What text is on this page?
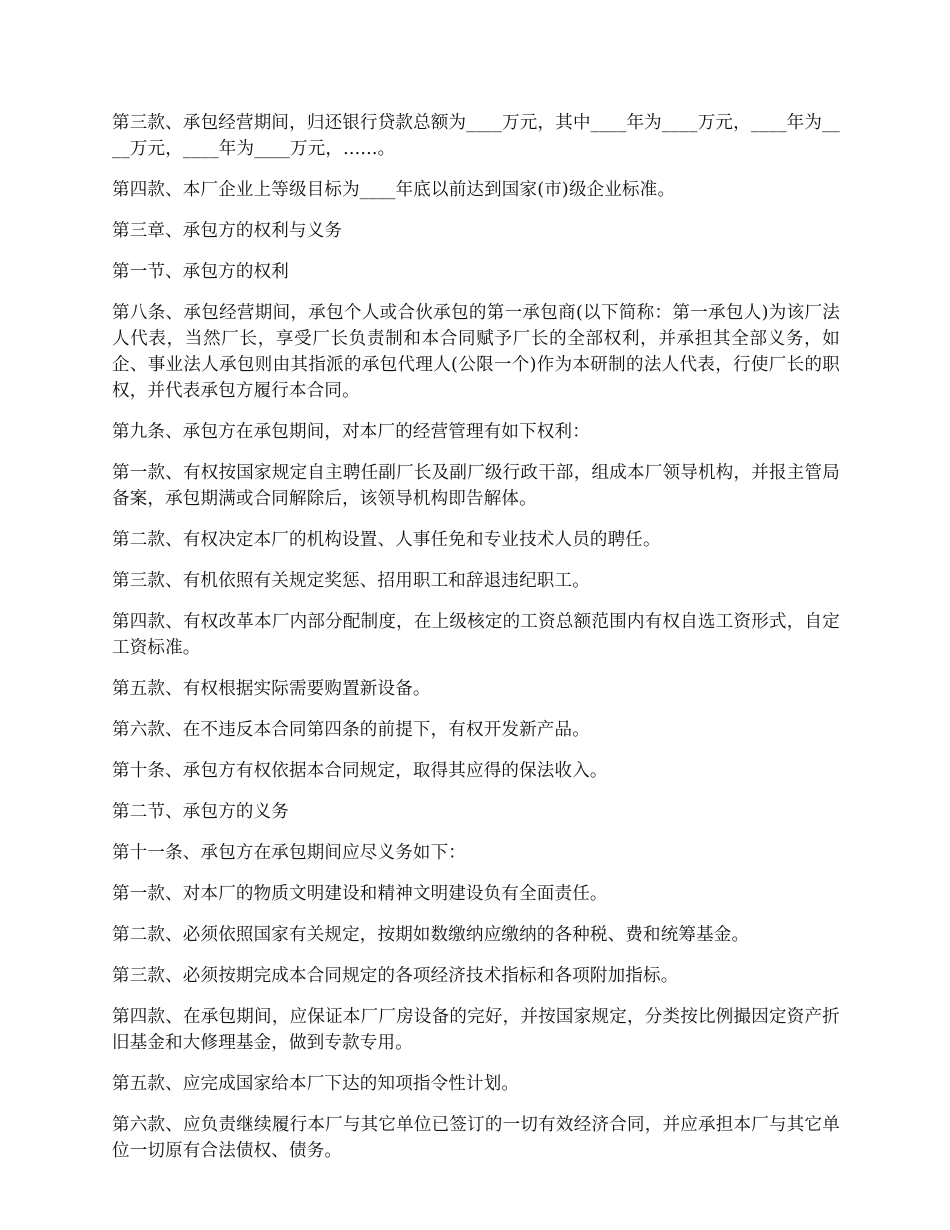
第三款、承包经营期间，归还银行贷款总额为____万元，其中____年为____万元，____年为____万元，____年为____万元，......。

第四款、本厂企业上等级目标为____年底以前达到国家(市)级企业标准。

第三章、承包方的权利与义务

第一节、承包方的权利

第八条、承包经营期间，承包个人或合伙承包的第一承包商(以下简称：第一承包人)为该厂法人代表，当然厂长，享受厂长负责制和本合同赋予厂长的全部权利，并承担其全部义务，如企、事业法人承包则由其指派的承包代理人(公限一个)作为本研制的法人代表，行使厂长的职权，并代表承包方履行本合同。

第九条、承包方在承包期间，对本厂的经营管理有如下权利：

第一款、有权按国家规定自主聘任副厂长及副厂级行政干部，组成本厂领导机构，并报主管局备案，承包期满或合同解除后，该领导机构即告解体。

第二款、有权决定本厂的机构设置、人事任免和专业技术人员的聘任。

第三款、有机依照有关规定奖惩、招用职工和辞退违纪职工。

第四款、有权改革本厂内部分配制度，在上级核定的工资总额范围内有权自选工资形式，自定工资标准。

第五款、有权根据实际需要购置新设备。

第六款、在不违反本合同第四条的前提下，有权开发新产品。

第十条、承包方有权依据本合同规定，取得其应得的保法收入。

第二节、承包方的义务

第十一条、承包方在承包期间应尽义务如下：

第一款、对本厂的物质文明建设和精神文明建设负有全面责任。

第二款、必须依照国家有关规定，按期如数缴纳应缴纳的各种税、费和统筹基金。

第三款、必须按期完成本合同规定的各项经济技术指标和各项附加指标。

第四款、在承包期间，应保证本厂厂房设备的完好，并按国家规定，分类按比例撮因定资产折旧基金和大修理基金，做到专款专用。

第五款、应完成国家给本厂下达的知项指令性计划。

第六款、应负责继续履行本厂与其它单位已签订的一切有效经济合同，并应承担本厂与其它单位一切原有合法债权、债务。
